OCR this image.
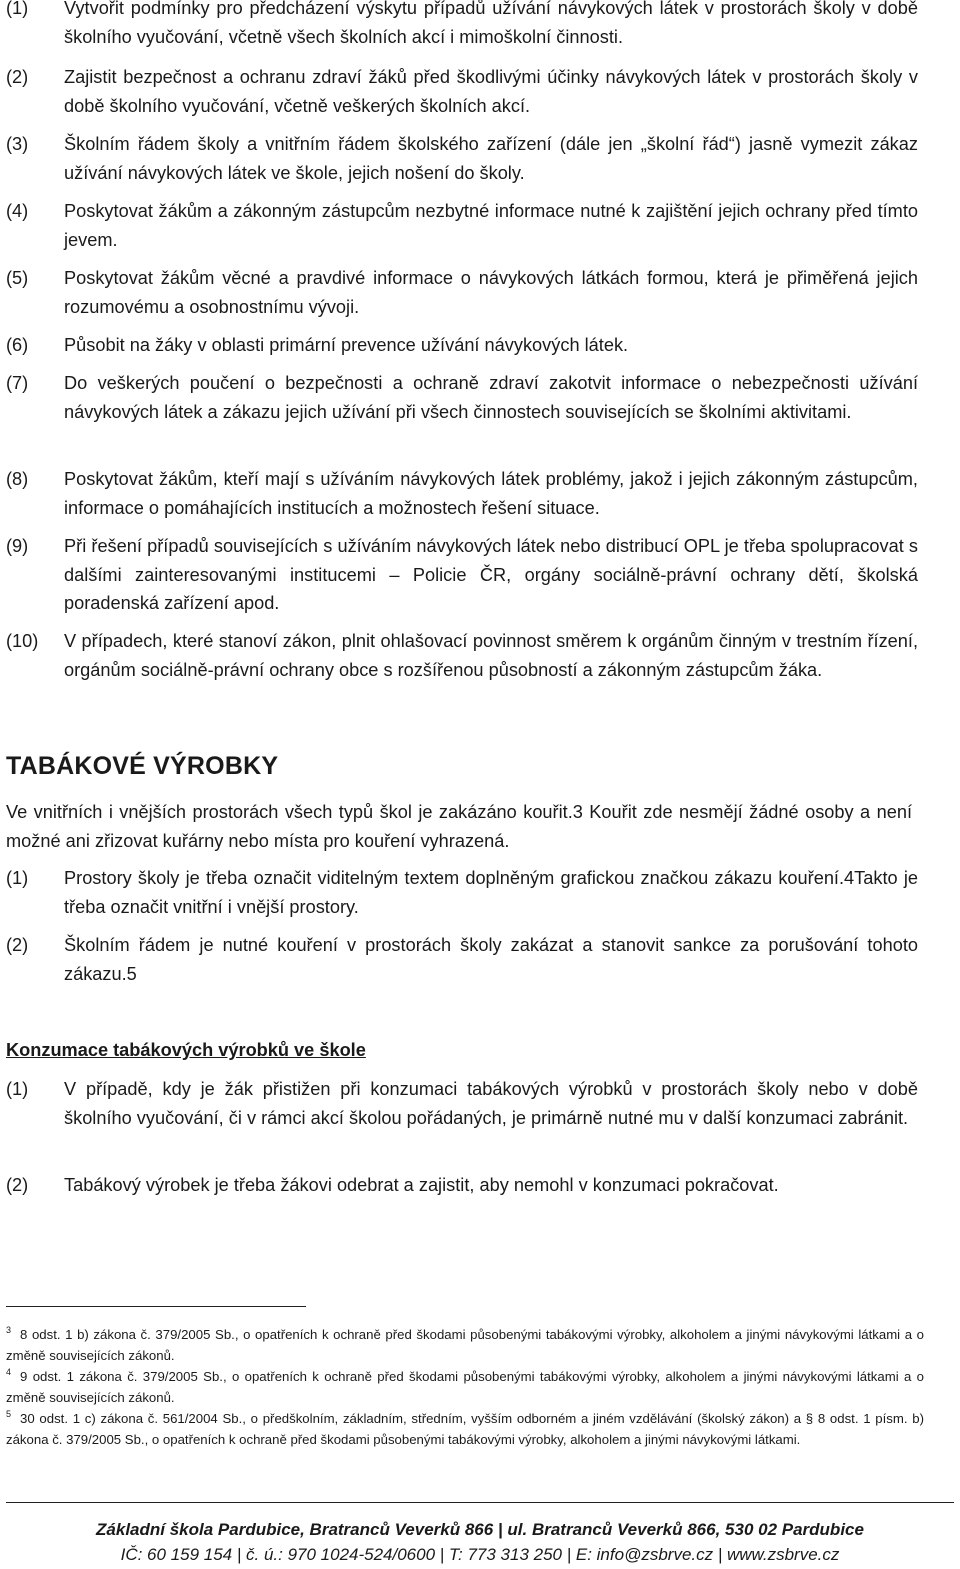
(1)	Vytvořit podmínky pro předcházení výskytu případů užívání návykových látek v prostorách školy v době školního vyučování, včetně všech školních akcí i mimoškolní činnosti.
(2)	Zajistit bezpečnost a ochranu zdraví žáků před škodlivými účinky návykových látek v prostorách školy v době školního vyučování, včetně veškerých školních akcí.
(3)	Školním řádem školy a vnitřním řádem školského zařízení (dále jen „školní řád“) jasně vymezit zákaz užívání návykových látek ve škole, jejich nošení do školy.
(4)	Poskytovat žákům a zákonným zástupcům nezbytné informace nutné k zajištění jejich ochrany před tímto jevem.
(5)	Poskytovat žákům věcné a pravdivé informace o návykových látkách formou, která je přiměřená jejich rozumovému a osobnostnímu vývoji.
(6)	Působit na žáky v oblasti primární prevence užívání návykových látek.
(7)	Do veškerých poučení o bezpečnosti a ochraně zdraví zakotvit informace o nebezpečnosti užívání návykových látek a zákazu jejich užívání při všech činnostech souvisejících se školními aktivitami.
(8)	Poskytovat žákům, kteří mají s užíváním návykových látek problémy, jakož i jejich zákonným zástupcům, informace o pomáhajících institucích a možnostech řešení situace.
(9)	Při řešení případů souvisejících s užíváním návykových látek nebo distribucí OPL je třeba spolupracovat s dalšími zainteresovanými institucemi – Policie ČR, orgány sociálně-právní ochrany dětí, školská poradenská zařízení apod.
(10)	V případech, které stanoví zákon, plnit ohlašovací povinnost směrem k orgánům činným v trestním řízení, orgánům sociálně-právní ochrany obce s rozšířenou působností a zákonným zástupcům žáka.
TABÁKOVÉ VÝROBKY
Ve vnitřních i vnějších prostorách všech typů škol je zakázáno kouřit.3 Kouřit zde nesmějí žádné osoby a není možné ani zřizovat kuřárny nebo místa pro kouření vyhrazená.
(1)	Prostory školy je třeba označit viditelným textem doplněným grafickou značkou zákazu kouření.4Takto je třeba označit vnitřní i vnější prostory.
(2)	Školním řádem je nutné kouření v prostorách školy zakázat a stanovit sankce za porušování tohoto zákazu.5
Konzumace tabákových výrobků ve škole
(1)	V případě, kdy je žák přistižen při konzumaci tabákových výrobků v prostorách školy nebo v době školního vyučování, či v rámci akcí školou pořádaných, je primárně nutné mu v další konzumaci zabránit.
(2)	Tabákový výrobek je třeba žákovi odebrat a zajistit, aby nemohl v konzumaci pokračovat.
$^3$ 8 odst. 1 b) zákona č. 379/2005 Sb., o opatřeních k ochraně před škodami působenými tabákovými výrobky, alkoholem a jinými návykovými látkami a o změně souvisejících zákonů.
$^4$ 9 odst. 1 zákona č. 379/2005 Sb., o opatřeních k ochraně před škodami působenými tabákovými výrobky, alkoholem a jinými návykovými látkami a o změně souvisejících zákonů.
$^5$ 30 odst. 1 c) zákona č. 561/2004 Sb., o předškolním, základním, středním, vyšším odborném a jiném vzdělávání (školský zákon) a § 8 odst. 1 písm. b) zákona č. 379/2005 Sb., o opatřeních k ochraně před škodami působenými tabákovými výrobky, alkoholem a jinými návykovými látkami.
Základní škola Pardubice, Bratranců Veverků 866 | ul. Bratranců Veverků 866, 530 02 Pardubice
IČ: 60 159 154 | č. ú.: 970 1024-524/0600 | T: 773 313 250 | E: info@zsbrve.cz | www.zsbrve.cz
